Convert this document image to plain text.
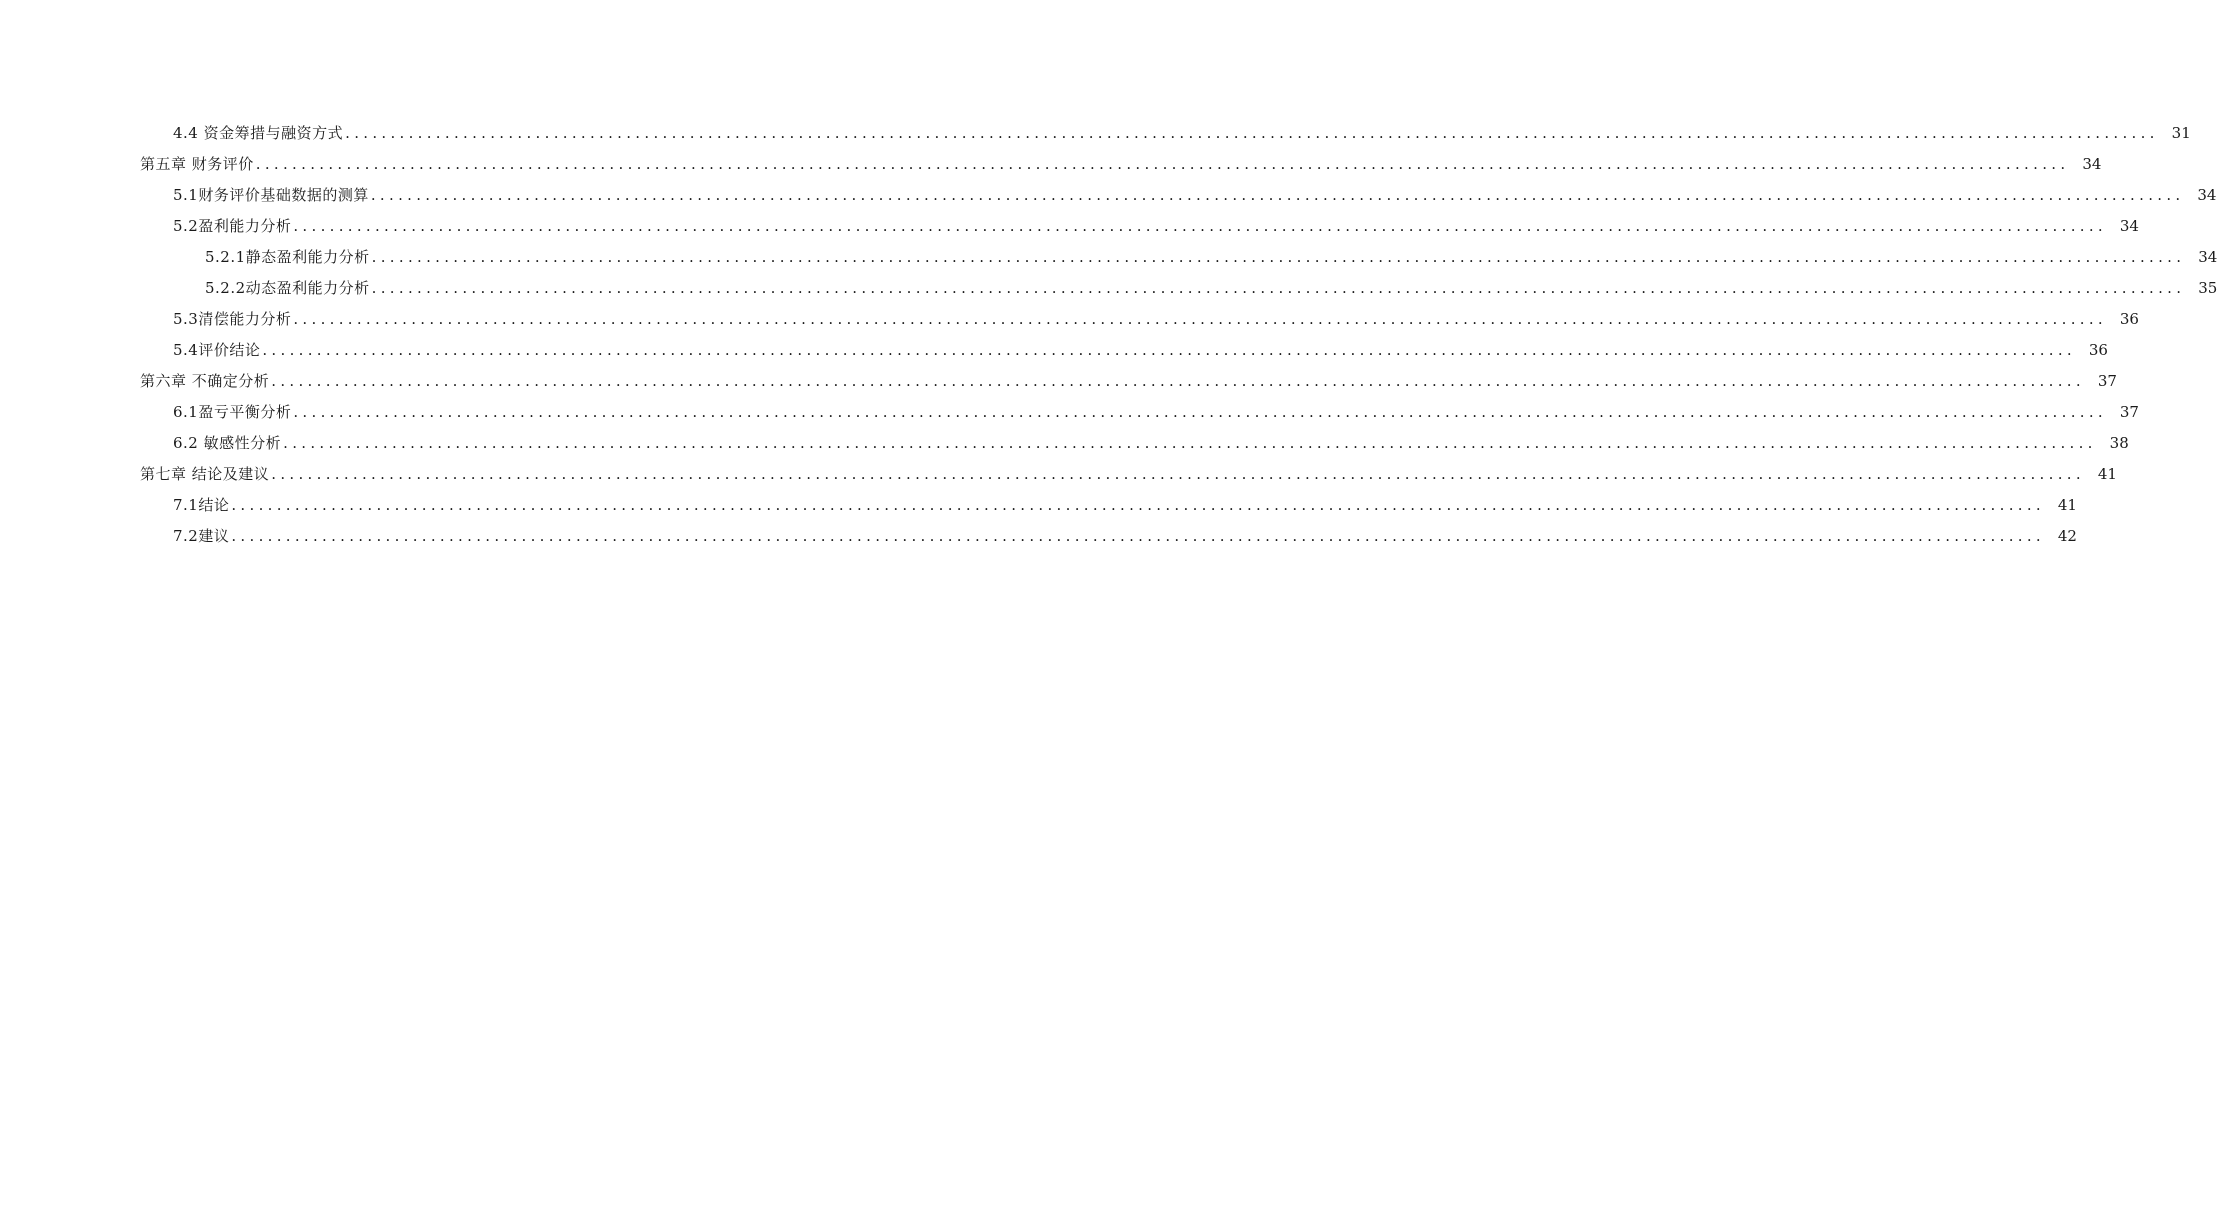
4.4 资金筹措与融资方式 ........................................................................................................................................................................................................ 31
第五章 财务评价 ........................................................................................................................................................................................................ 34
5.1财务评价基础数据的测算 ........................................................................................................................................................................................................ 34
5.2盈利能力分析 ........................................................................................................................................................................................................ 34
5.2.1静态盈利能力分析 ........................................................................................................................................................................................................ 34
5.2.2动态盈利能力分析 ........................................................................................................................................................................................................ 35
5.3清偿能力分析 ........................................................................................................................................................................................................ 36
5.4评价结论 ........................................................................................................................................................................................................ 36
第六章 不确定分析 ........................................................................................................................................................................................................ 37
6.1盈亏平衡分析 ........................................................................................................................................................................................................ 37
6.2 敏感性分析 ........................................................................................................................................................................................................ 38
第七章 结论及建议 ........................................................................................................................................................................................................ 41
7.1结论 ........................................................................................................................................................................................................ 41
7.2建议 ........................................................................................................................................................................................................ 42
